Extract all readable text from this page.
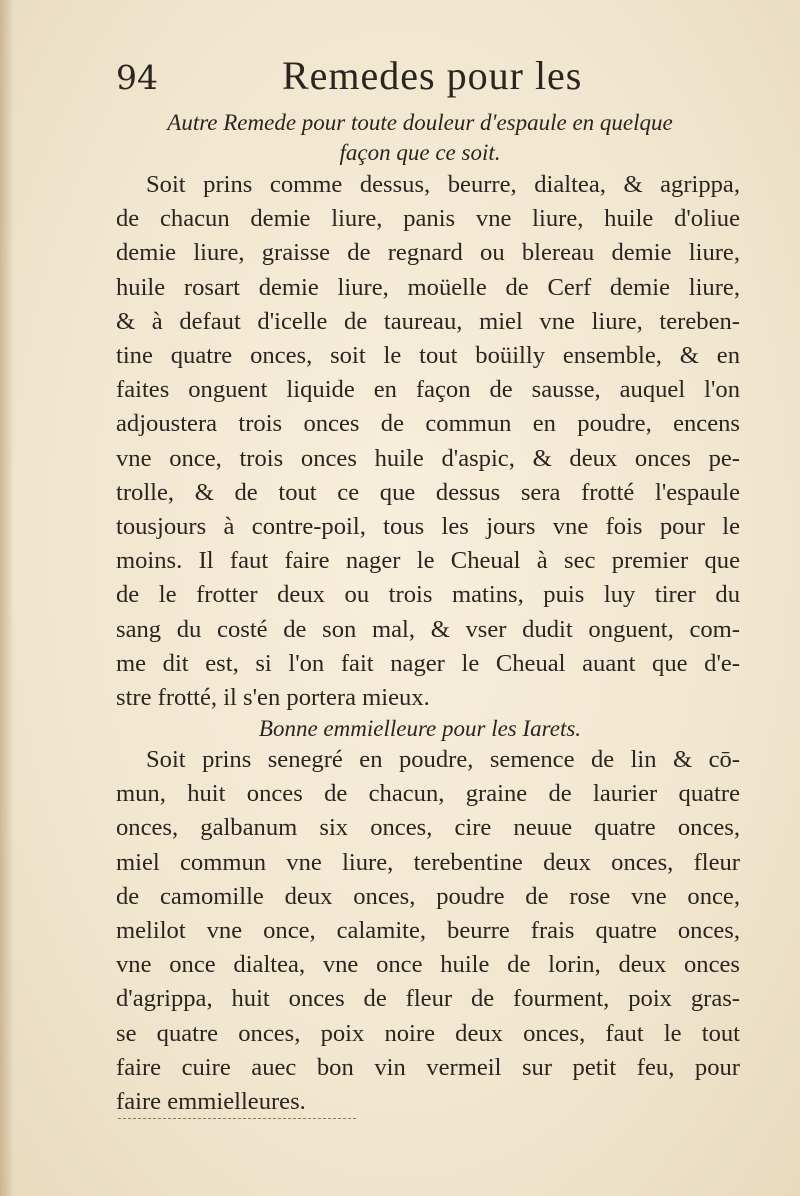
94	Remedes pour les
Autre Remede pour toute douleur d'espaule en quelque
façon que ce soit.
Soit prins comme dessus, beurre, dialtea, & agrippa,
de chacun demie liure, panis vne liure, huile d'oliue
demie liure, graisse de regnard ou blereau demie liure,
huile rosart demie liure, moüelle de Cerf demie liure,
& à defaut d'icelle de taureau, miel vne liure, tereben-
tine quatre onces, soit le tout boüilly ensemble, & en
faites onguent liquide en façon de sausse, auquel l'on
adjoustera trois onces de commun en poudre, encens
vne once, trois onces huile d'aspic, & deux onces pe-
trolle, & de tout ce que dessus sera frotté l'espaule
tousjours à contre-poil, tous les jours vne fois pour le
moins. Il faut faire nager le Cheual à sec premier que
de le frotter deux ou trois matins, puis luy tirer du
sang du costé de son mal, & vser dudit onguent, com-
me dit est, si l'on fait nager le Cheual auant que d'e-
stre frotté, il s'en portera mieux.
Bonne emmielleure pour les Iarets.
Soit prins senegré en poudre, semence de lin & cō-
mun, huit onces de chacun, graine de laurier quatre
onces, galbanum six onces, cire neuue quatre onces,
miel commun vne liure, terebentine deux onces, fleur
de camomille deux onces, poudre de rose vne once,
melilot vne once, calamite, beurre frais quatre onces,
vne once dialtea, vne once huile de lorin, deux onces
d'agrippa, huit onces de fleur de fourment, poix gras-
se quatre onces, poix noire deux onces, faut le tout
faire cuire auec bon vin vermeil sur petit feu, pour
faire emmielleures.
